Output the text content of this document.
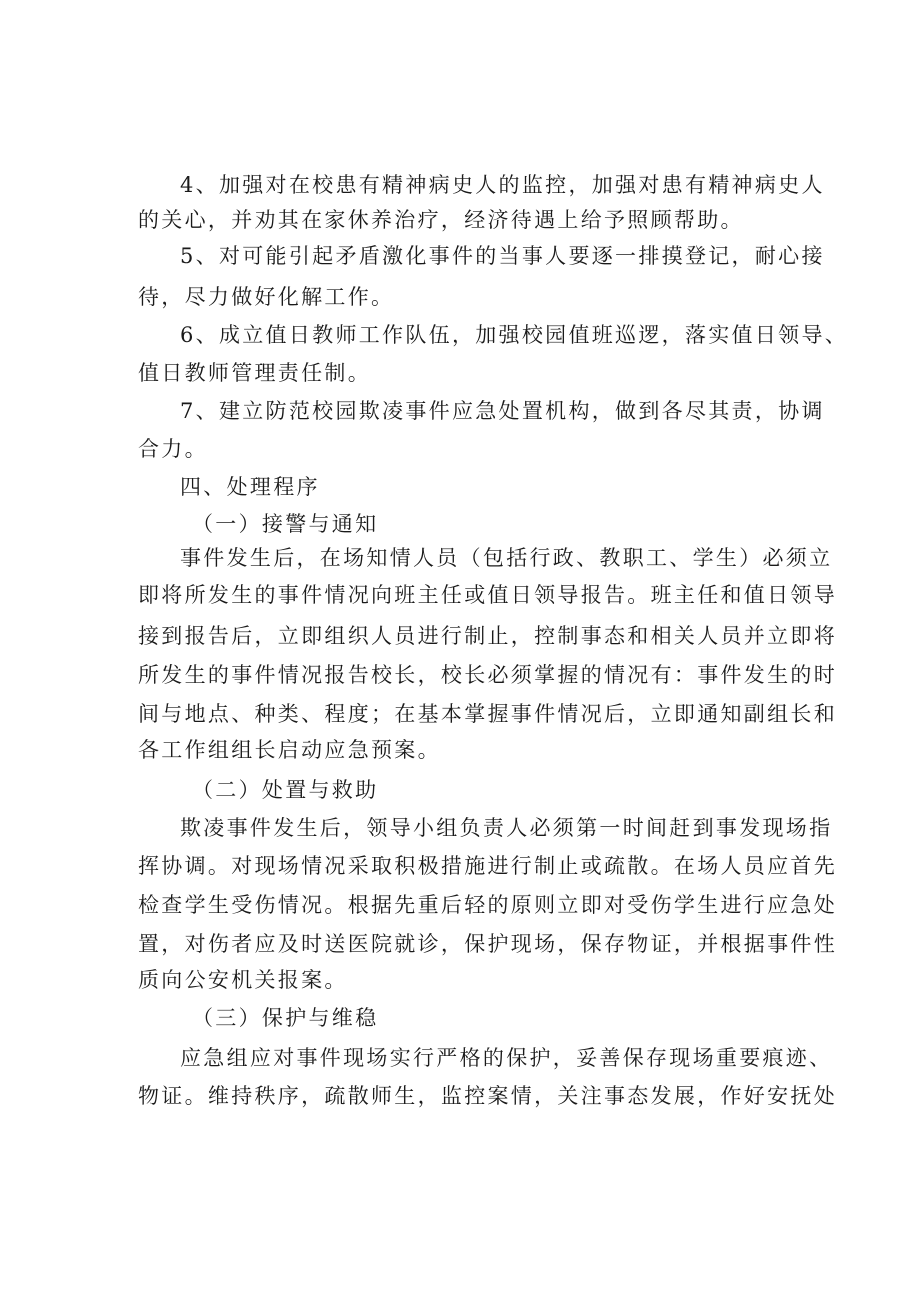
4、加强对在校患有精神病史人的监控，加强对患有精神病史人
的关心，并劝其在家休养治疗，经济待遇上给予照顾帮助。
5、对可能引起矛盾激化事件的当事人要逐一排摸登记，耐心接
待，尽力做好化解工作。
6、成立值日教师工作队伍，加强校园值班巡逻，落实值日领导、
值日教师管理责任制。
7、建立防范校园欺凌事件应急处置机构，做到各尽其责，协调
合力。
四、处理程序
（一）接警与通知
事件发生后，在场知情人员（包括行政、教职工、学生）必须立
即将所发生的事件情况向班主任或值日领导报告。班主任和值日领导
接到报告后，立即组织人员进行制止，控制事态和相关人员并立即将
所发生的事件情况报告校长，校长必须掌握的情况有：事件发生的时
间与地点、种类、程度；在基本掌握事件情况后，立即通知副组长和
各工作组组长启动应急预案。
（二）处置与救助
欺凌事件发生后，领导小组负责人必须第一时间赶到事发现场指
挥协调。对现场情况采取积极措施进行制止或疏散。在场人员应首先
检查学生受伤情况。根据先重后轻的原则立即对受伤学生进行应急处
置，对伤者应及时送医院就诊，保护现场，保存物证，并根据事件性
质向公安机关报案。
（三）保护与维稳
应急组应对事件现场实行严格的保护，妥善保存现场重要痕迹、
物证。维持秩序，疏散师生，监控案情，关注事态发展，作好安抚处
